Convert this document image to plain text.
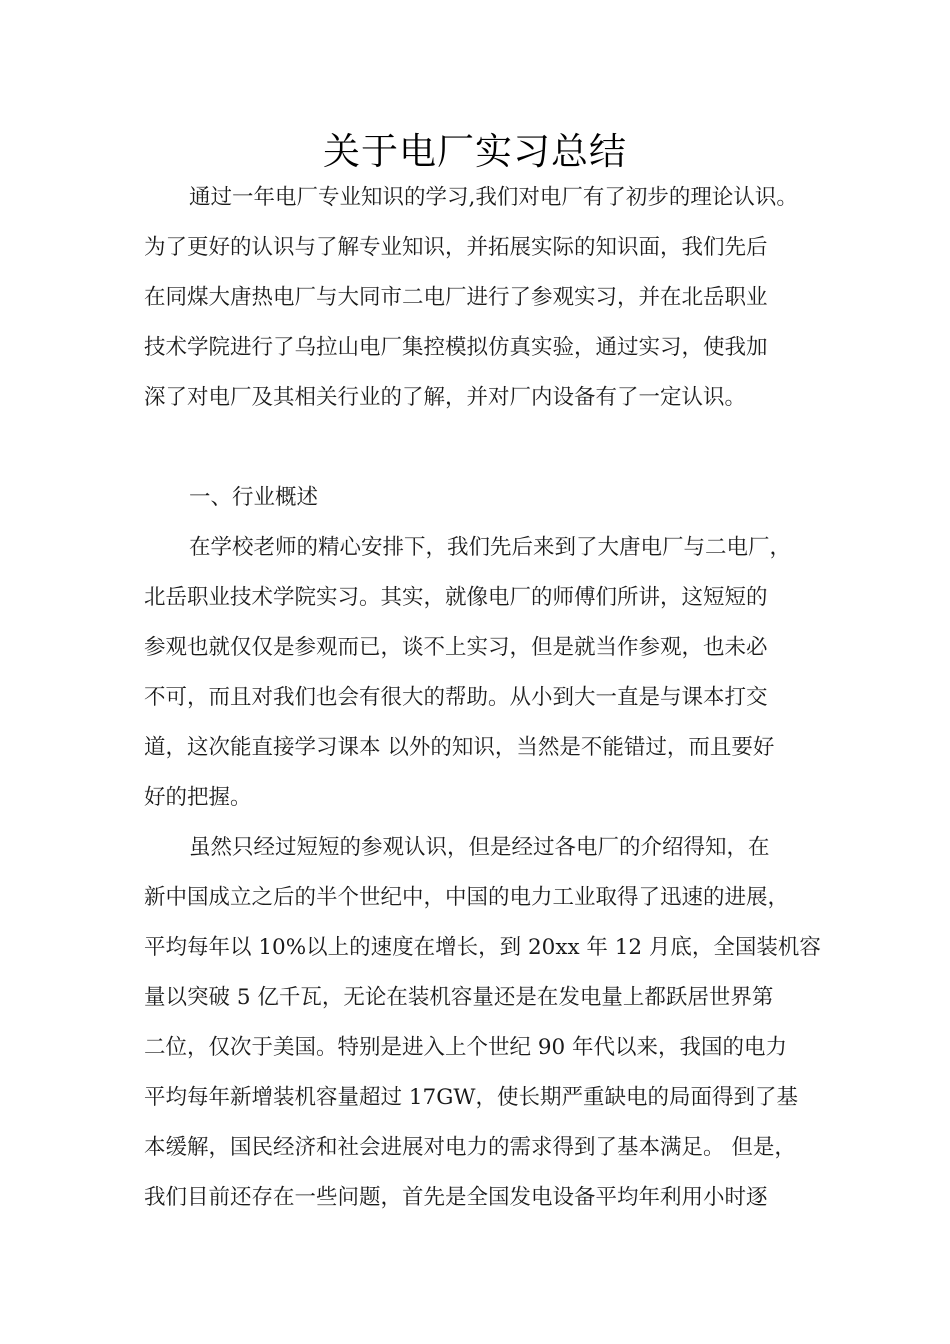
关于电厂实习总结
通过一年电厂专业知识的学习,我们对电厂有了初步的理论认识。
为了更好的认识与了解专业知识，并拓展实际的知识面，我们先后
在同煤大唐热电厂与大同市二电厂进行了参观实习，并在北岳职业
技术学院进行了乌拉山电厂集控模拟仿真实验，通过实习，使我加
深了对电厂及其相关行业的了解，并对厂内设备有了一定认识。
一、行业概述
在学校老师的精心安排下，我们先后来到了大唐电厂与二电厂，
北岳职业技术学院实习。其实，就像电厂的师傅们所讲，这短短的
参观也就仅仅是参观而已，谈不上实习，但是就当作参观，也未必
不可，而且对我们也会有很大的帮助。从小到大一直是与课本打交
道，这次能直接学习课本 以外的知识，当然是不能错过，而且要好
好的把握。
虽然只经过短短的参观认识，但是经过各电厂的介绍得知，在
新中国成立之后的半个世纪中，中国的电力工业取得了迅速的进展，
平均每年以 10%以上的速度在增长，到 20xx 年 12 月底，全国装机容
量以突破 5 亿千瓦，无论在装机容量还是在发电量上都跃居世界第
二位，仅次于美国。特别是进入上个世纪 90 年代以来，我国的电力
平均每年新增装机容量超过 17GW，使长期严重缺电的局面得到了基
本缓解，国民经济和社会进展对电力的需求得到了基本满足。 但是，
我们目前还存在一些问题，首先是全国发电设备平均年利用小时逐
